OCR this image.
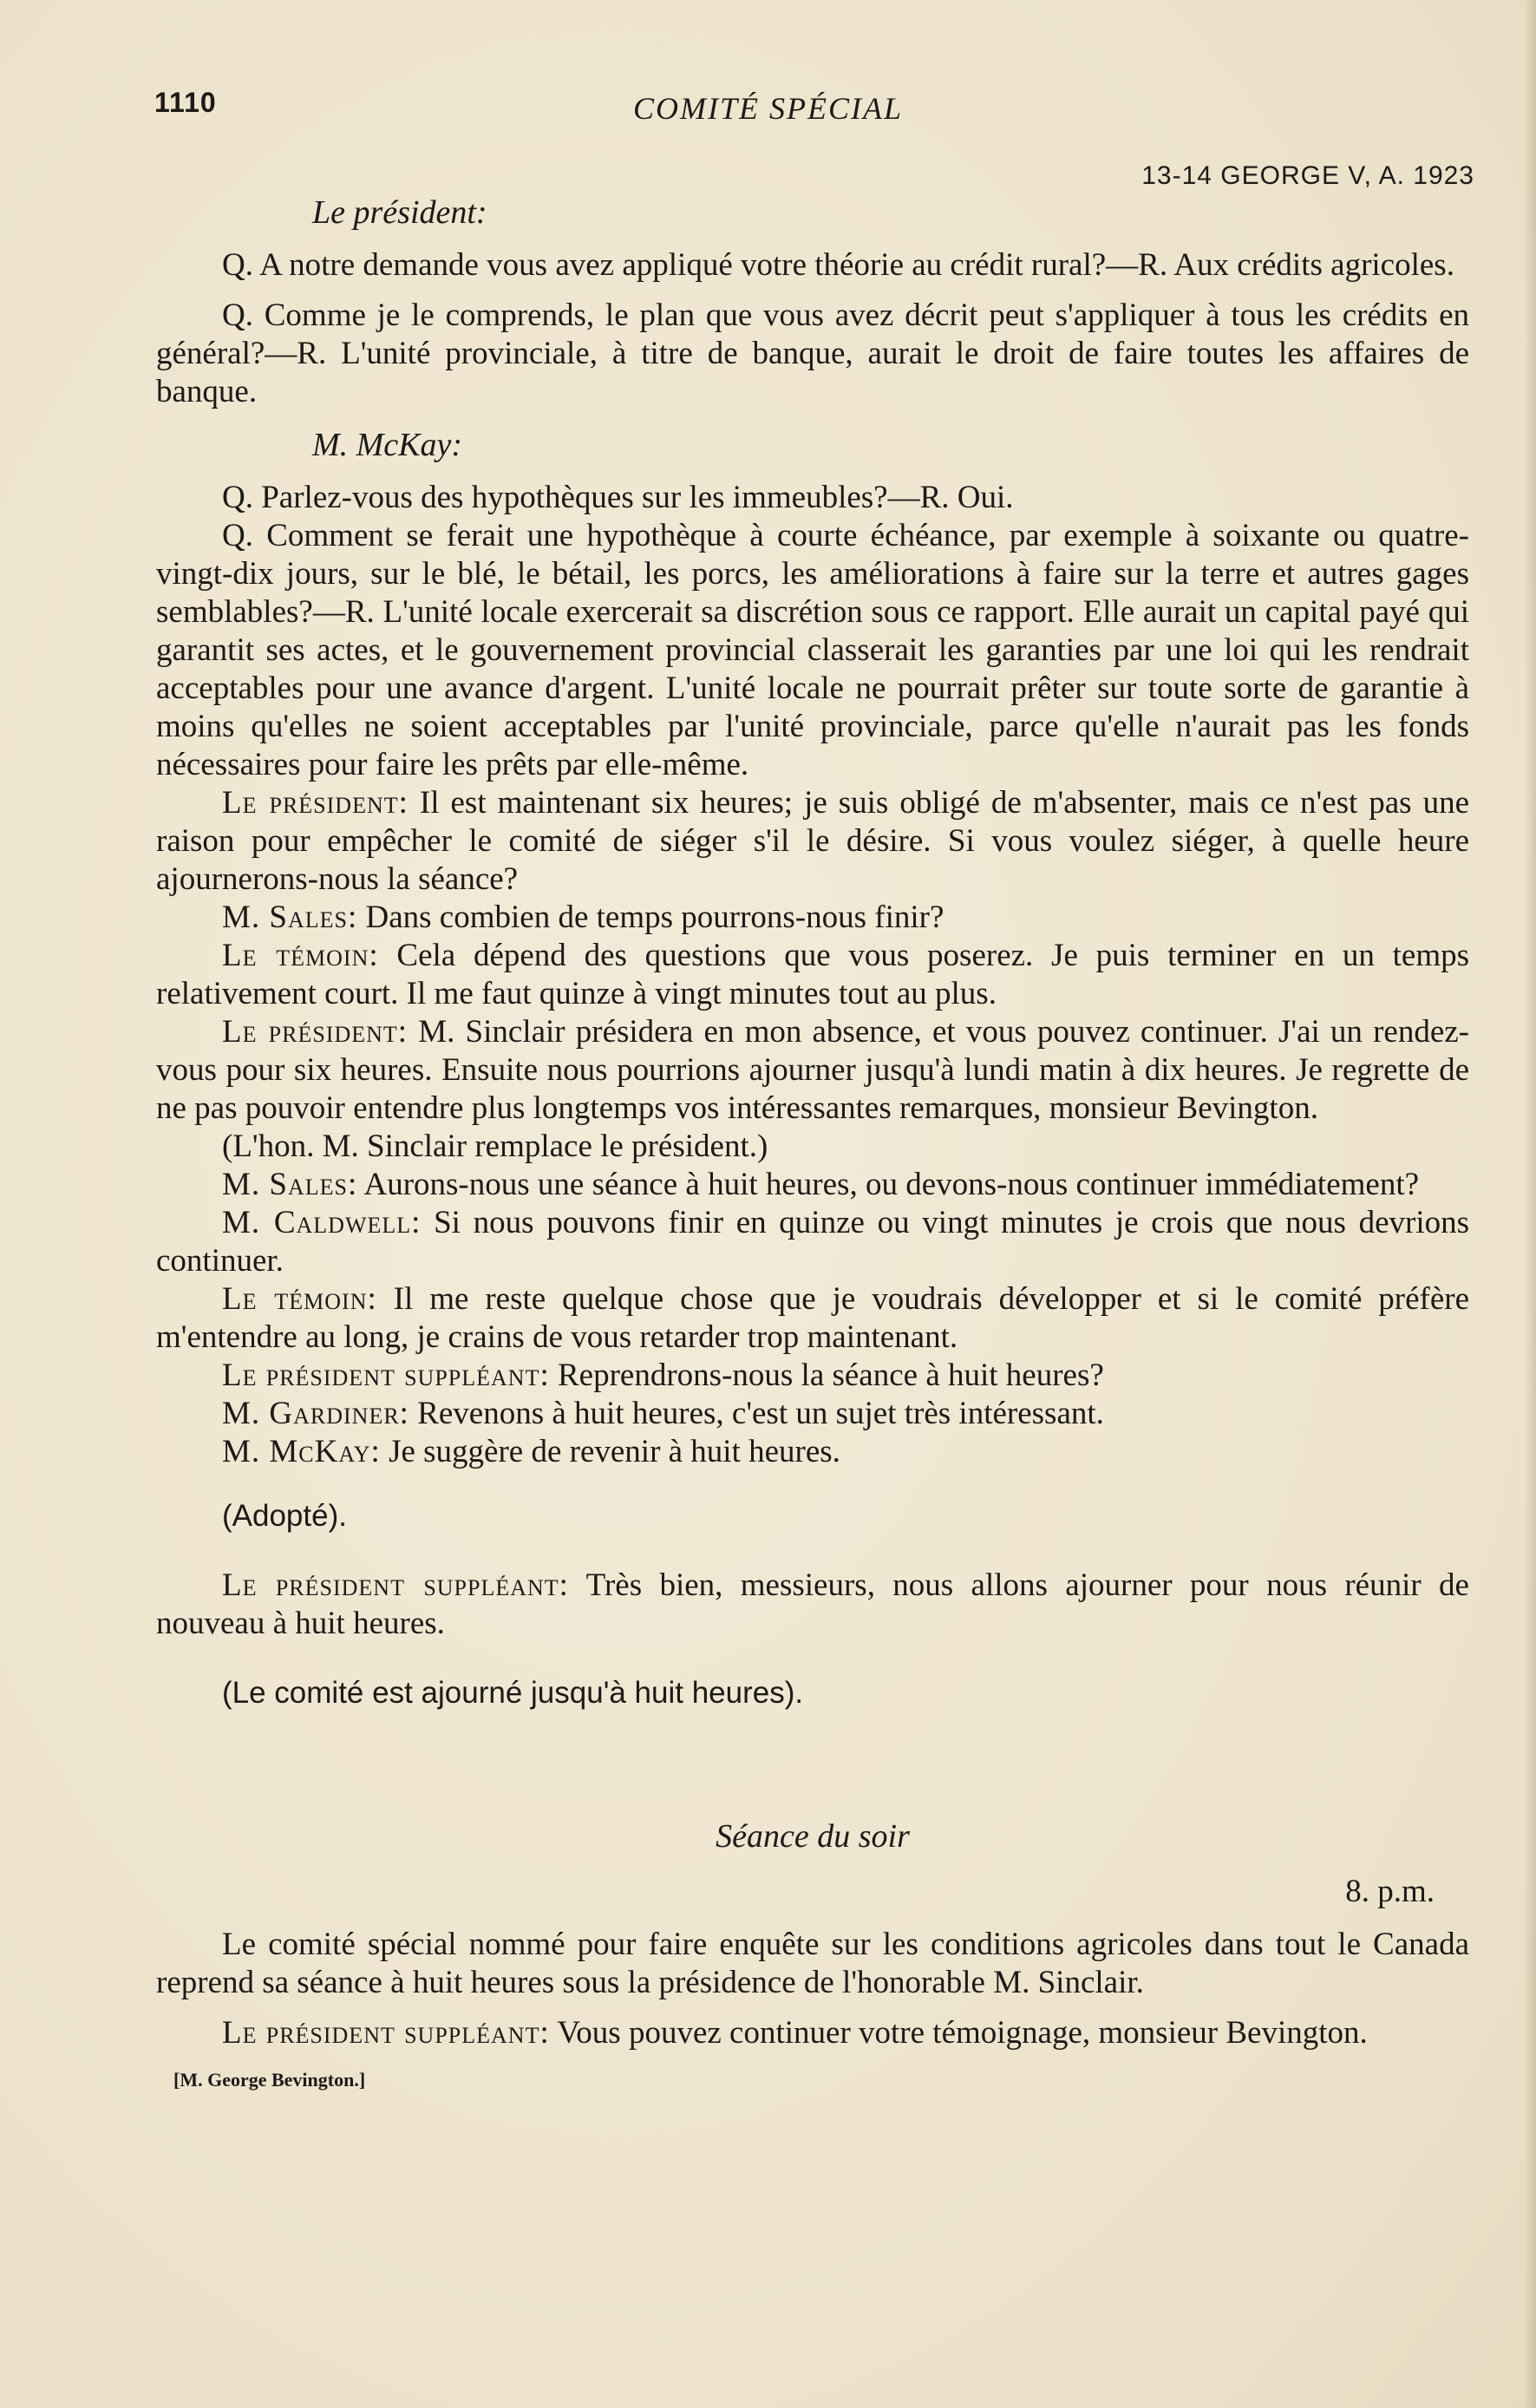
1110	COMITÉ SPÉCIAL
13-14 GEORGE V, A. 1923
Le président:

Q. A notre demande vous avez appliqué votre théorie au crédit rural?—R. Aux crédits agricoles.

Q. Comme je le comprends, le plan que vous avez décrit peut s'appliquer à tous les crédits en général?—R. L'unité provinciale, à titre de banque, aurait le droit de faire toutes les affaires de banque.

M. McKay:

Q. Parlez-vous des hypothèques sur les immeubles?—R. Oui.

Q. Comment se ferait une hypothèque à courte échéance, par exemple à soixante ou quatre-vingt-dix jours, sur le blé, le bétail, les porcs, les améliorations à faire sur la terre et autres gages semblables?—R. L'unité locale exercerait sa discrétion sous ce rapport. Elle aurait un capital payé qui garantit ses actes, et le gouvernement provincial classerait les garanties par une loi qui les rendrait acceptables pour une avance d'argent. L'unité locale ne pourrait prêter sur toute sorte de garantie à moins qu'elles ne soient acceptables par l'unité provinciale, parce qu'elle n'aurait pas les fonds nécessaires pour faire les prêts par elle-même.

Le président: Il est maintenant six heures; je suis obligé de m'absenter, mais ce n'est pas une raison pour empêcher le comité de siéger s'il le désire. Si vous voulez siéger, à quelle heure ajournerons-nous la séance?

M. Sales: Dans combien de temps pourrons-nous finir?

Le témoin: Cela dépend des questions que vous poserez. Je puis terminer en un temps relativement court. Il me faut quinze à vingt minutes tout au plus.

Le président: M. Sinclair présidera en mon absence, et vous pouvez continuer. J'ai un rendez-vous pour six heures. Ensuite nous pourrions ajourner jusqu'à lundi matin à dix heures. Je regrette de ne pas pouvoir entendre plus longtemps vos intéressantes remarques, monsieur Bevington.

(L'hon. M. Sinclair remplace le président.)

M. Sales: Aurons-nous une séance à huit heures, ou devons-nous continuer immédiatement?

M. Caldwell: Si nous pouvons finir en quinze ou vingt minutes je crois que nous devrions continuer.

Le témoin: Il me reste quelque chose que je voudrais développer et si le comité préfère m'entendre au long, je crains de vous retarder trop maintenant.

Le président suppléant: Reprendrons-nous la séance à huit heures?

M. Gardiner: Revenons à huit heures, c'est un sujet très intéressant.

M. McKay: Je suggère de revenir à huit heures.

(Adopté).

Le président suppléant: Très bien, messieurs, nous allons ajourner pour nous réunir de nouveau à huit heures.

(Le comité est ajourné jusqu'à huit heures).

Séance du soir
8. p.m.

Le comité spécial nommé pour faire enquête sur les conditions agricoles dans tout le Canada reprend sa séance à huit heures sous la présidence de l'honorable M. Sinclair.

Le président suppléant: Vous pouvez continuer votre témoignage, monsieur Bevington.

[M. George Bevington.]
